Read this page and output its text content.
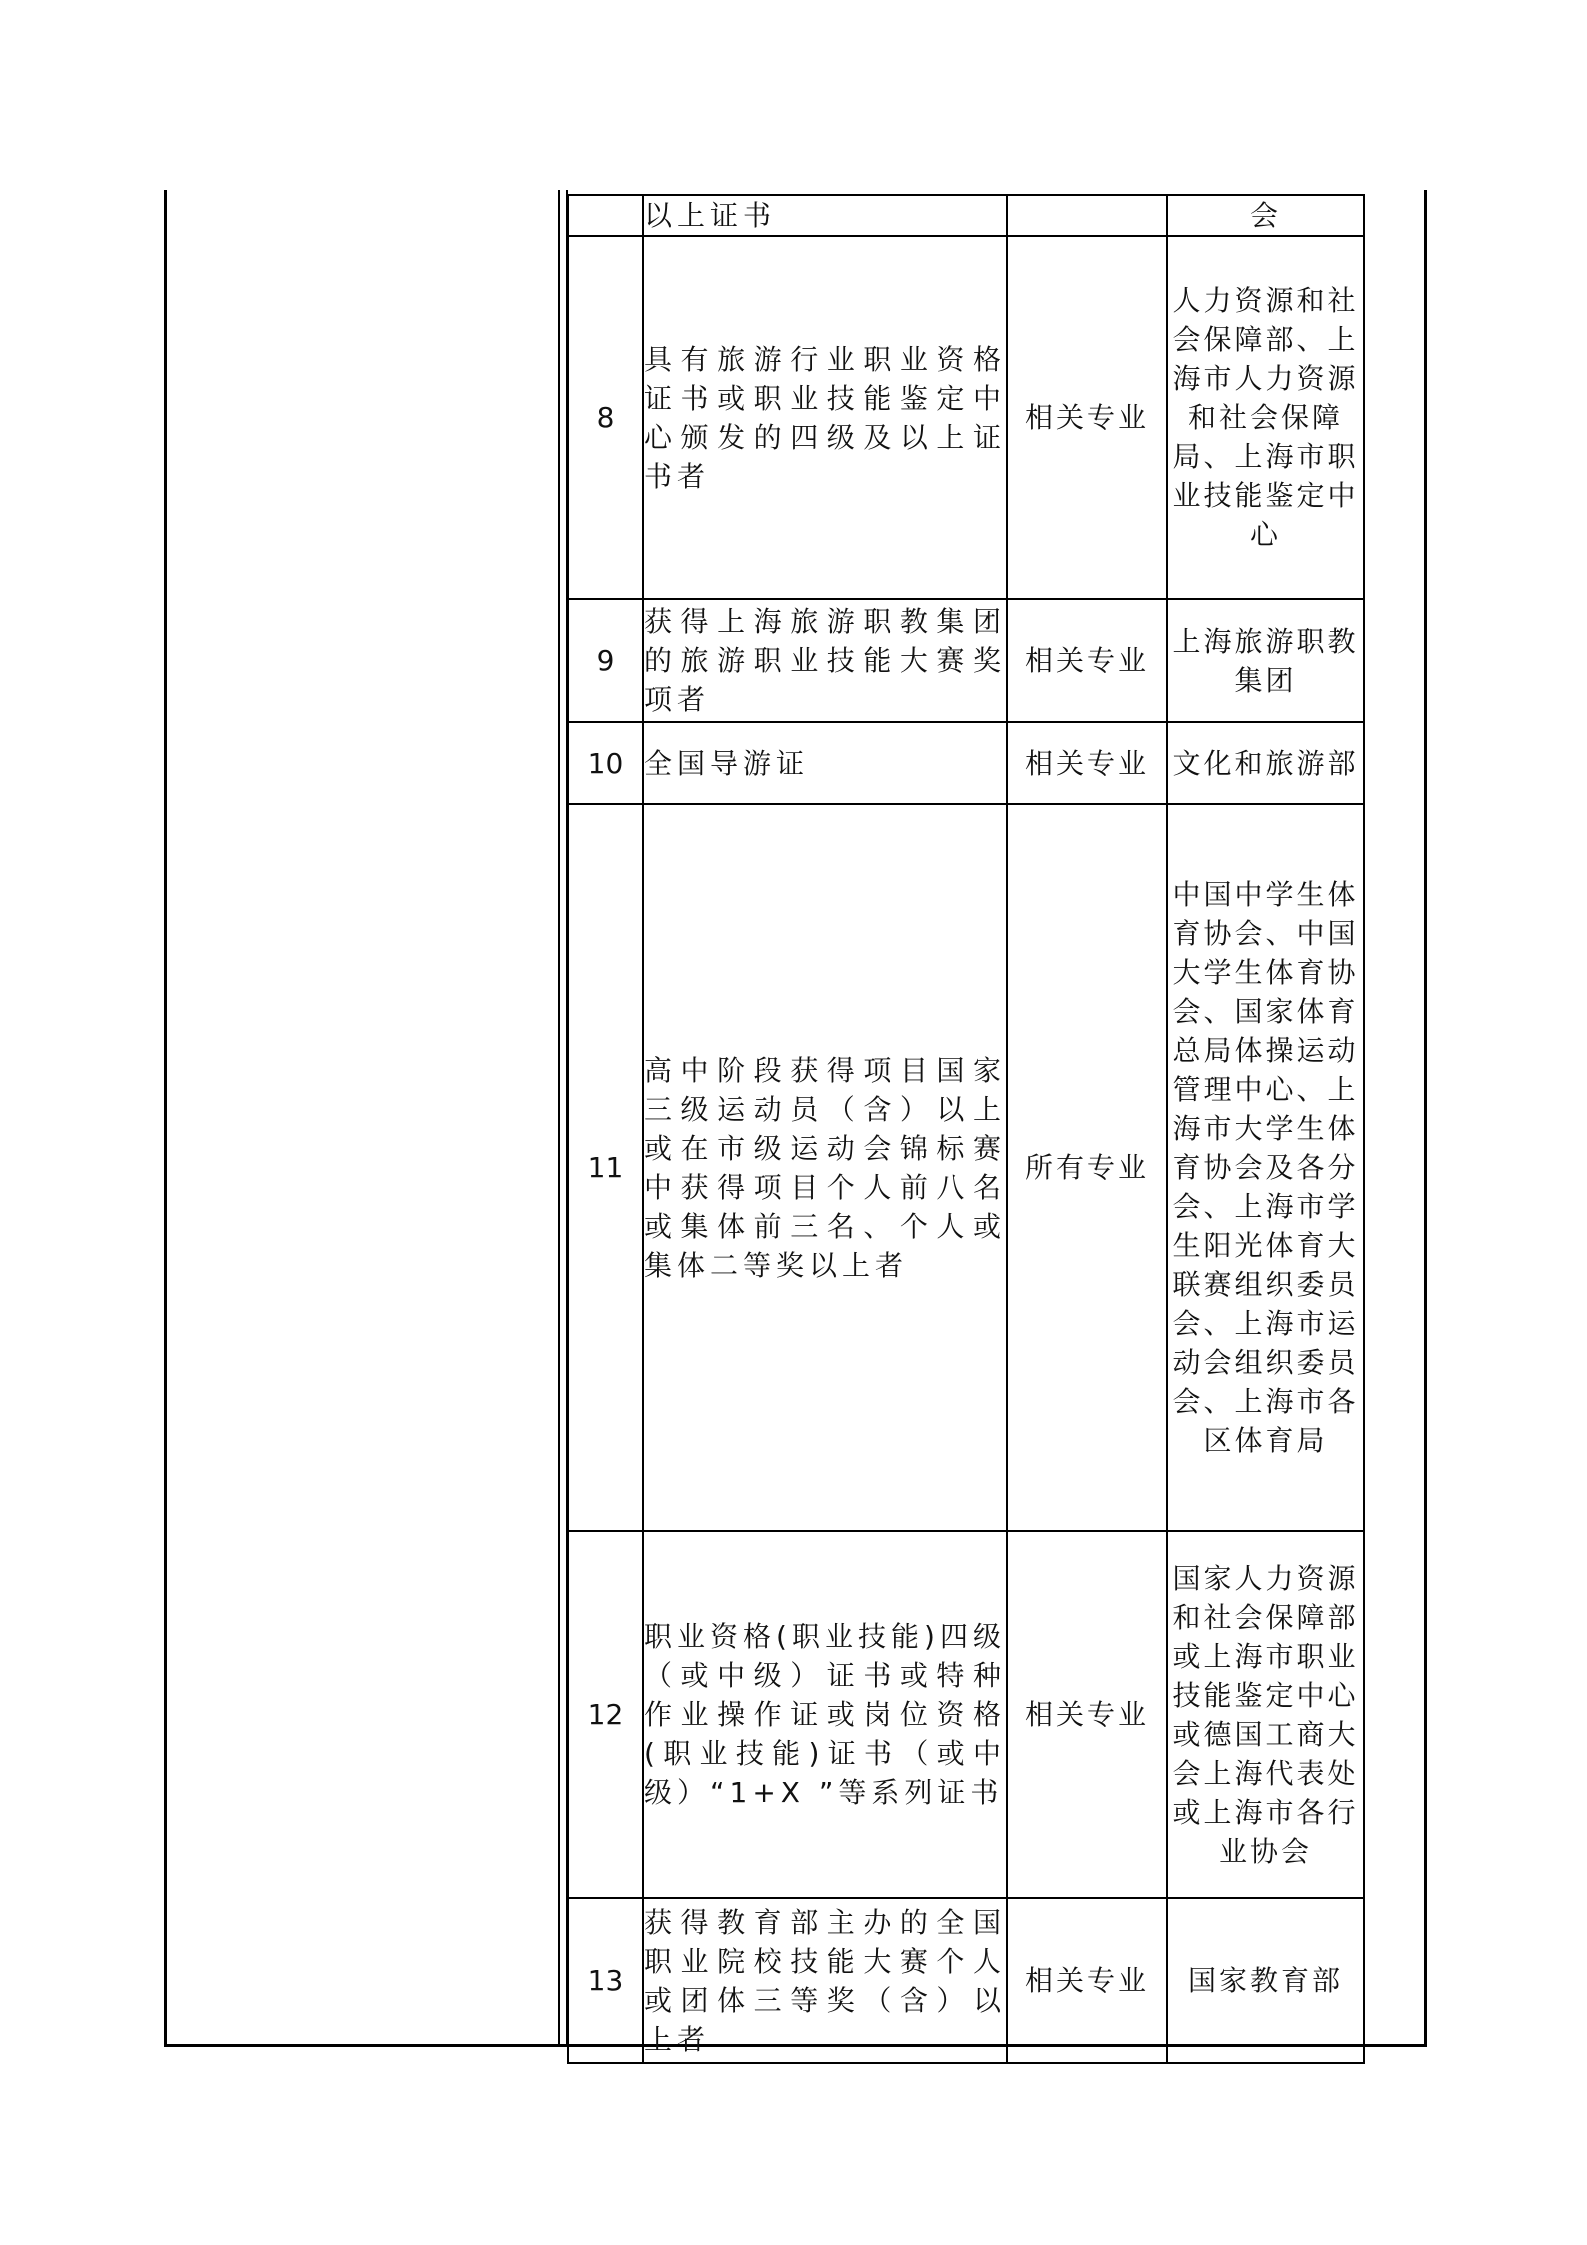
	以上证书		会
8	具有旅游行业职业资格证书或职业技能鉴定中心颁发的四级及以上证书者	相关专业	人力资源和社会保障部、上海市人力资源和社会保障局、上海市职业技能鉴定中心
9	获得上海旅游职教集团的旅游职业技能大赛奖项者	相关专业	上海旅游职教集团
10	全国导游证	相关专业	文化和旅游部
11	高中阶段获得项目国家三级运动员（含）以上或在市级运动会锦标赛中获得项目个人前八名或集体前三名、个人或集体二等奖以上者	所有专业	中国中学生体育协会、中国大学生体育协会、国家体育总局体操运动管理中心、上海市大学生体育协会及各分会、上海市学生阳光体育大联赛组织委员会、上海市运动会组织委员会、上海市各区体育局
12	职业资格(职业技能)四级（或中级）证书或特种作业操作证或岗位资格(职业技能)证书（或中级）“1+X ”等系列证书	相关专业	国家人力资源和社会保障部或上海市职业技能鉴定中心或德国工商大会上海代表处或上海市各行业协会
13	获得教育部主办的全国职业院校技能大赛个人或团体三等奖（含）以上者	相关专业	国家教育部
